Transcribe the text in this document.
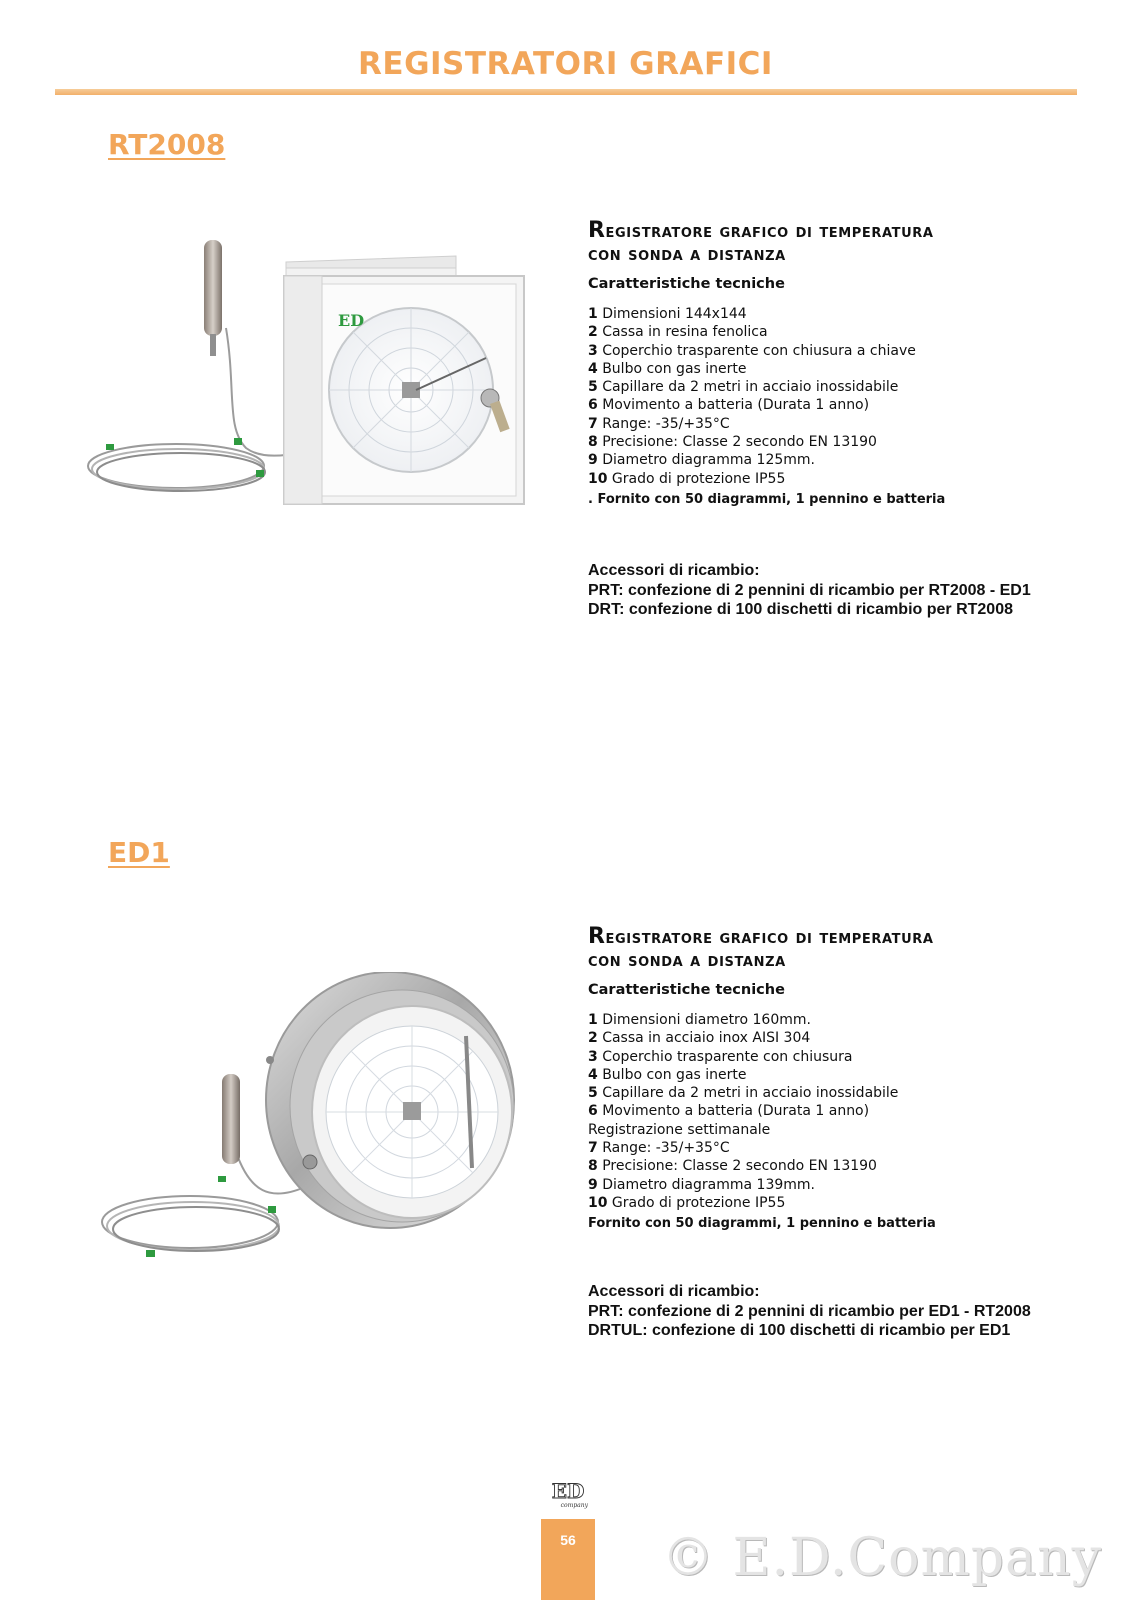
REGISTRATORI GRAFICI
RT2008
ED
Registratore grafico di temperatura
con sonda a distanza
Caratteristiche tecniche
1 Dimensioni 144x144
2 Cassa in resina fenolica
3 Coperchio trasparente con chiusura a chiave
4 Bulbo con gas inerte
5 Capillare da 2 metri in acciaio inossidabile
6 Movimento a batteria (Durata 1 anno)
7 Range: -35/+35°C
8 Precisione: Classe 2 secondo EN 13190
9 Diametro diagramma 125mm.
10 Grado di protezione IP55
. Fornito con 50 diagrammi, 1 pennino e batteria
Accessori di ricambio:
PRT: confezione di 2 pennini di ricambio per RT2008 - ED1
DRT: confezione di 100 dischetti di ricambio per RT2008
ED1
Registratore grafico di temperatura
con sonda a distanza
Caratteristiche tecniche
1 Dimensioni diametro 160mm.
2 Cassa in acciaio inox AISI 304
3 Coperchio trasparente con chiusura
4 Bulbo con gas inerte
5 Capillare da 2 metri in acciaio inossidabile
6 Movimento a batteria (Durata 1 anno)
Registrazione settimanale
7 Range: -35/+35°C
8 Precisione: Classe 2 secondo EN 13190
9 Diametro diagramma 139mm.
10 Grado di protezione IP55
Fornito con 50 diagrammi, 1 pennino e batteria
Accessori di ricambio:
PRT: confezione di 2 pennini di ricambio per ED1 - RT2008
DRTUL: confezione di 100 dischetti di ricambio per ED1
ED
company
56	© E.D.Company
